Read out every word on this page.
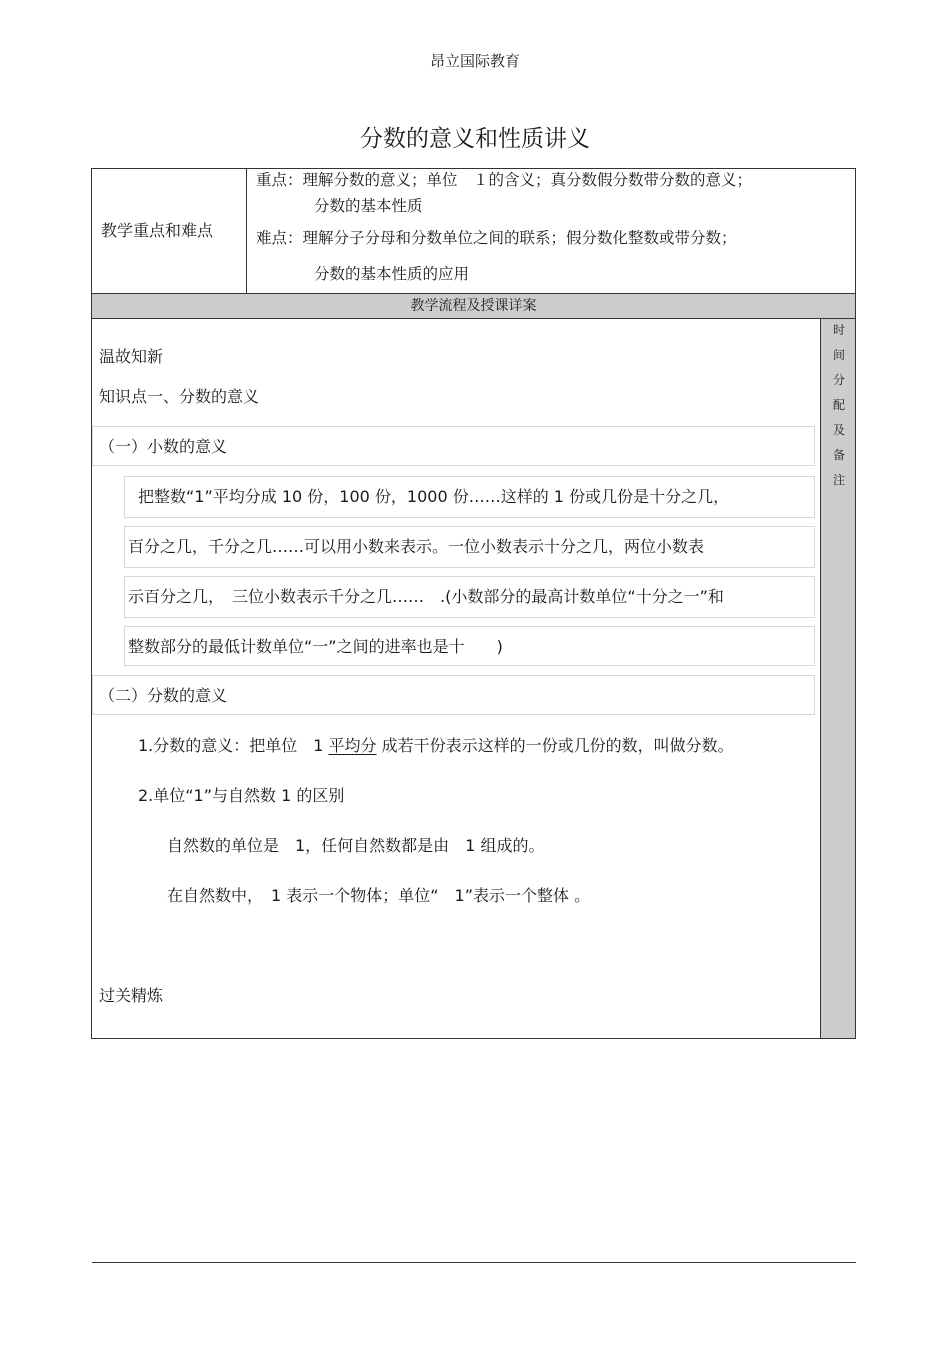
昂立国际教育
分数的意义和性质讲义
教学重点和难点
重点：理解分数的意义；单位　１的含义；真分数假分数带分数的意义；
分数的基本性质
难点：理解分子分母和分数单位之间的联系；假分数化整数或带分数；
分数的基本性质的应用
教学流程及授课详案
时
间
分
配
及
备
注
温故知新
知识点一、分数的意义
（一）小数的意义
把整数“1”平均分成 10 份，100 份，1000 份……这样的 1 份或几份是十分之几，
百分之几，千分之几……可以用小数来表示。一位小数表示十分之几，两位小数表
示百分之几，　三位小数表示千分之几……　.(小数部分的最高计数单位“十分之一”和
整数部分的最低计数单位“一”之间的进率也是十　　)
（二）分数的意义
1.分数的意义：把单位　1 平均分 成若干份表示这样的一份或几份的数，叫做分数。
2.单位“1”与自然数 1 的区别
自然数的单位是　1，任何自然数都是由　1 组成的。
在自然数中，　1 表示一个物体；单位“　1”表示一个整体 。
过关精炼
